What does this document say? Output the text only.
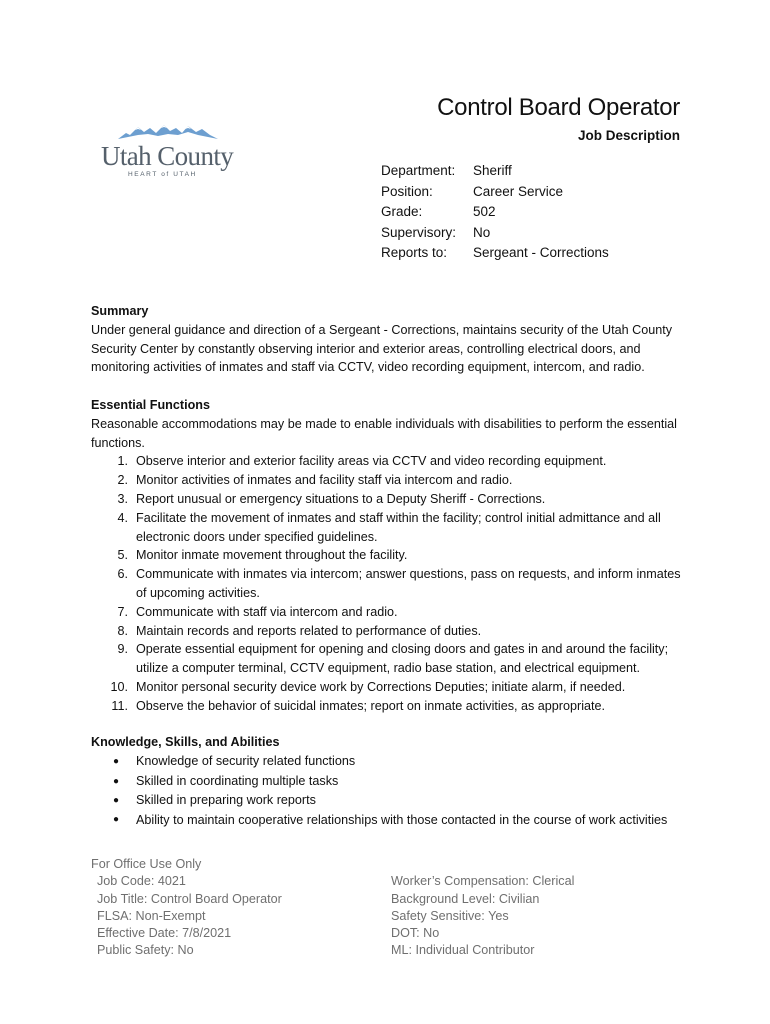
Utah County
HEART of UTAH
Control Board Operator
Job Description
Department:	Sheriff
Position:	Career Service
Grade:	502
Supervisory:	No
Reports to:	Sergeant - Corrections
Summary

Under general guidance and direction of a Sergeant - Corrections, maintains security of the Utah County Security Center by constantly observing interior and exterior areas, controlling electrical doors, and monitoring activities of inmates and staff via CCTV, video recording equipment, intercom, and radio.

Essential Functions

Reasonable accommodations may be made to enable individuals with disabilities to perform the essential functions.

1. Observe interior and exterior facility areas via CCTV and video recording equipment.
2. Monitor activities of inmates and facility staff via intercom and radio.
3. Report unusual or emergency situations to a Deputy Sheriff - Corrections.
4. Facilitate the movement of inmates and staff within the facility; control initial admittance and all electronic doors under specified guidelines.
5. Monitor inmate movement throughout the facility.
6. Communicate with inmates via intercom; answer questions, pass on requests, and inform inmates of upcoming activities.
7. Communicate with staff via intercom and radio.
8. Maintain records and reports related to performance of duties.
9. Operate essential equipment for opening and closing doors and gates in and around the facility; utilize a computer terminal, CCTV equipment, radio base station, and electrical equipment.
10. Monitor personal security device work by Corrections Deputies; initiate alarm, if needed.
11. Observe the behavior of suicidal inmates; report on inmate activities, as appropriate.
Knowledge, Skills, and Abilities
●	Knowledge of security related functions
●	Skilled in coordinating multiple tasks
●	Skilled in preparing work reports
●	Ability to maintain cooperative relationships with those contacted in the course of work activities
For Office Use Only
Job Code: 4021
Job Title: Control Board Operator
FLSA: Non-Exempt
Effective Date: 7/8/2021
Public Safety: No
Worker’s Compensation: Clerical
Background Level: Civilian
Safety Sensitive: Yes
DOT: No
ML: Individual Contributor
